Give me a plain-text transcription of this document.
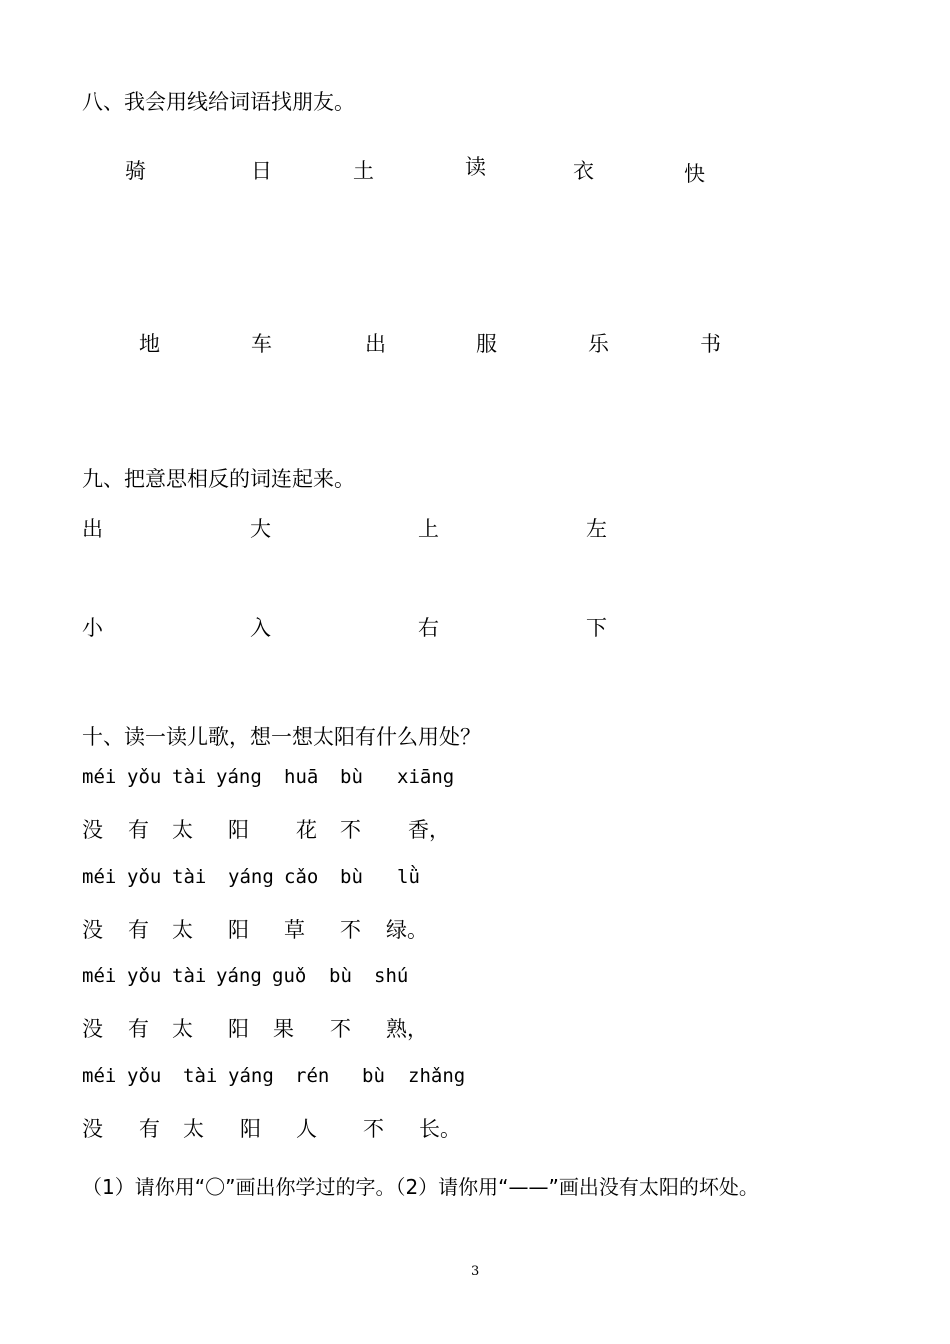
八、我会用线给词语找朋友。
骑	日	土	读	衣	快
地	车	出	服	乐	书
九、把意思相反的词连起来。
出	大	上	左
小	入	右	下
十、读一读儿歌，想一想太阳有什么用处？
méi yǒu tài yáng huā bù xiāng
没 有 太 阳 花 不 香，
méi yǒu tài yáng cǎo bù lǜ
没 有 太 阳 草 不 绿。
méi yǒu tài yáng guǒ bù shú
没 有 太 阳 果 不 熟，
méi yǒu tài yáng rén bù zhǎng
没 有 太 阳 人 不 长。
（1）请你用“〇”画出你学过的字。（2）请你用“——”画出没有太阳的坏处。
3
